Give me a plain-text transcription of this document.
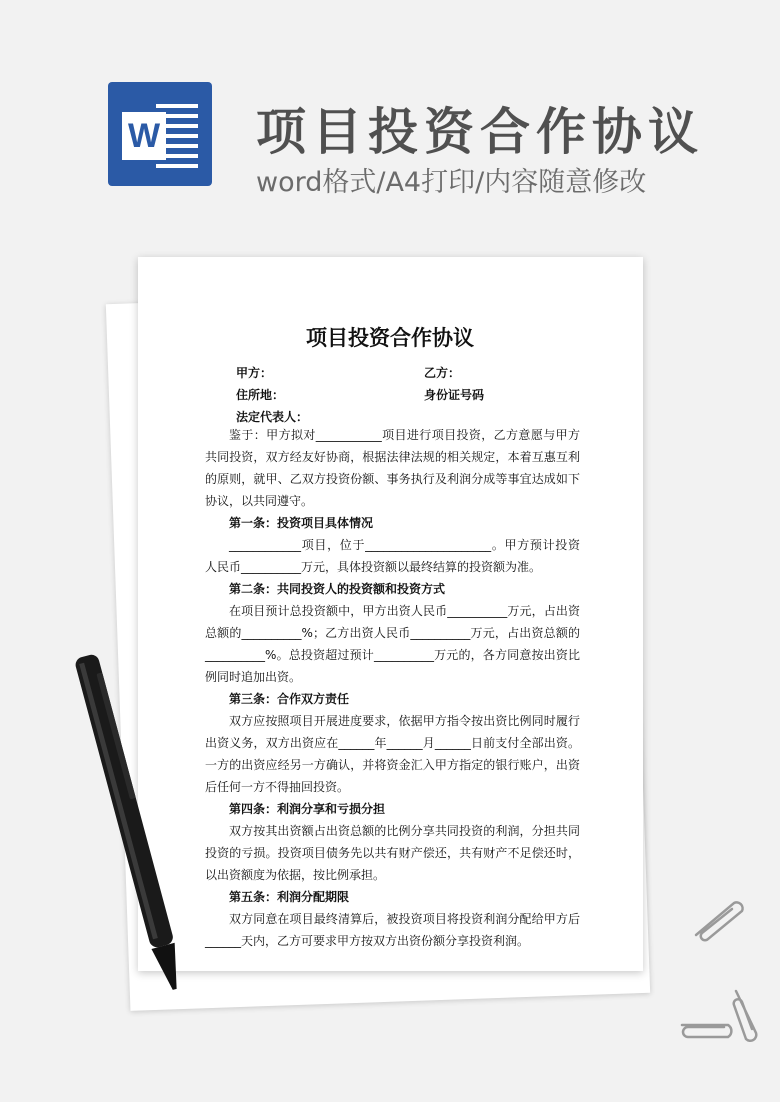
W 项目投资合作协议
word格式/A4打印/内容随意修改
项目投资合作协议
甲方：	乙方：
住所地：	身份证号码
法定代表人：
鉴于：甲方拟对___________项目进行项目投资，乙方意愿与甲方共同投资，双方经友好协商，根据法律法规的相关规定，本着互惠互利的原则，就甲、乙双方投资份额、事务执行及利润分成等事宜达成如下协议，以共同遵守。
第一条：投资项目具体情况
____________项目，位于_____________________。甲方预计投资人民币__________万元，具体投资额以最终结算的投资额为准。
第二条：共同投资人的投资额和投资方式
在项目预计总投资额中，甲方出资人民币__________万元，占出资总额的__________%；乙方出资人民币__________万元，占出资总额的__________%。总投资超过预计__________万元的，各方同意按出资比例同时追加出资。
第三条：合作双方责任
双方应按照项目开展进度要求，依据甲方指令按出资比例同时履行出资义务，双方出资应在______年______月______日前支付全部出资。一方的出资应经另一方确认，并将资金汇入甲方指定的银行账户，出资后任何一方不得抽回投资。
第四条：利润分享和亏损分担
双方按其出资额占出资总额的比例分享共同投资的利润，分担共同投资的亏损。投资项目债务先以共有财产偿还，共有财产不足偿还时，以出资额度为依据，按比例承担。
第五条：利润分配期限
双方同意在项目最终清算后，被投资项目将投资利润分配给甲方后______天内，乙方可要求甲方按双方出资份额分享投资利润。
